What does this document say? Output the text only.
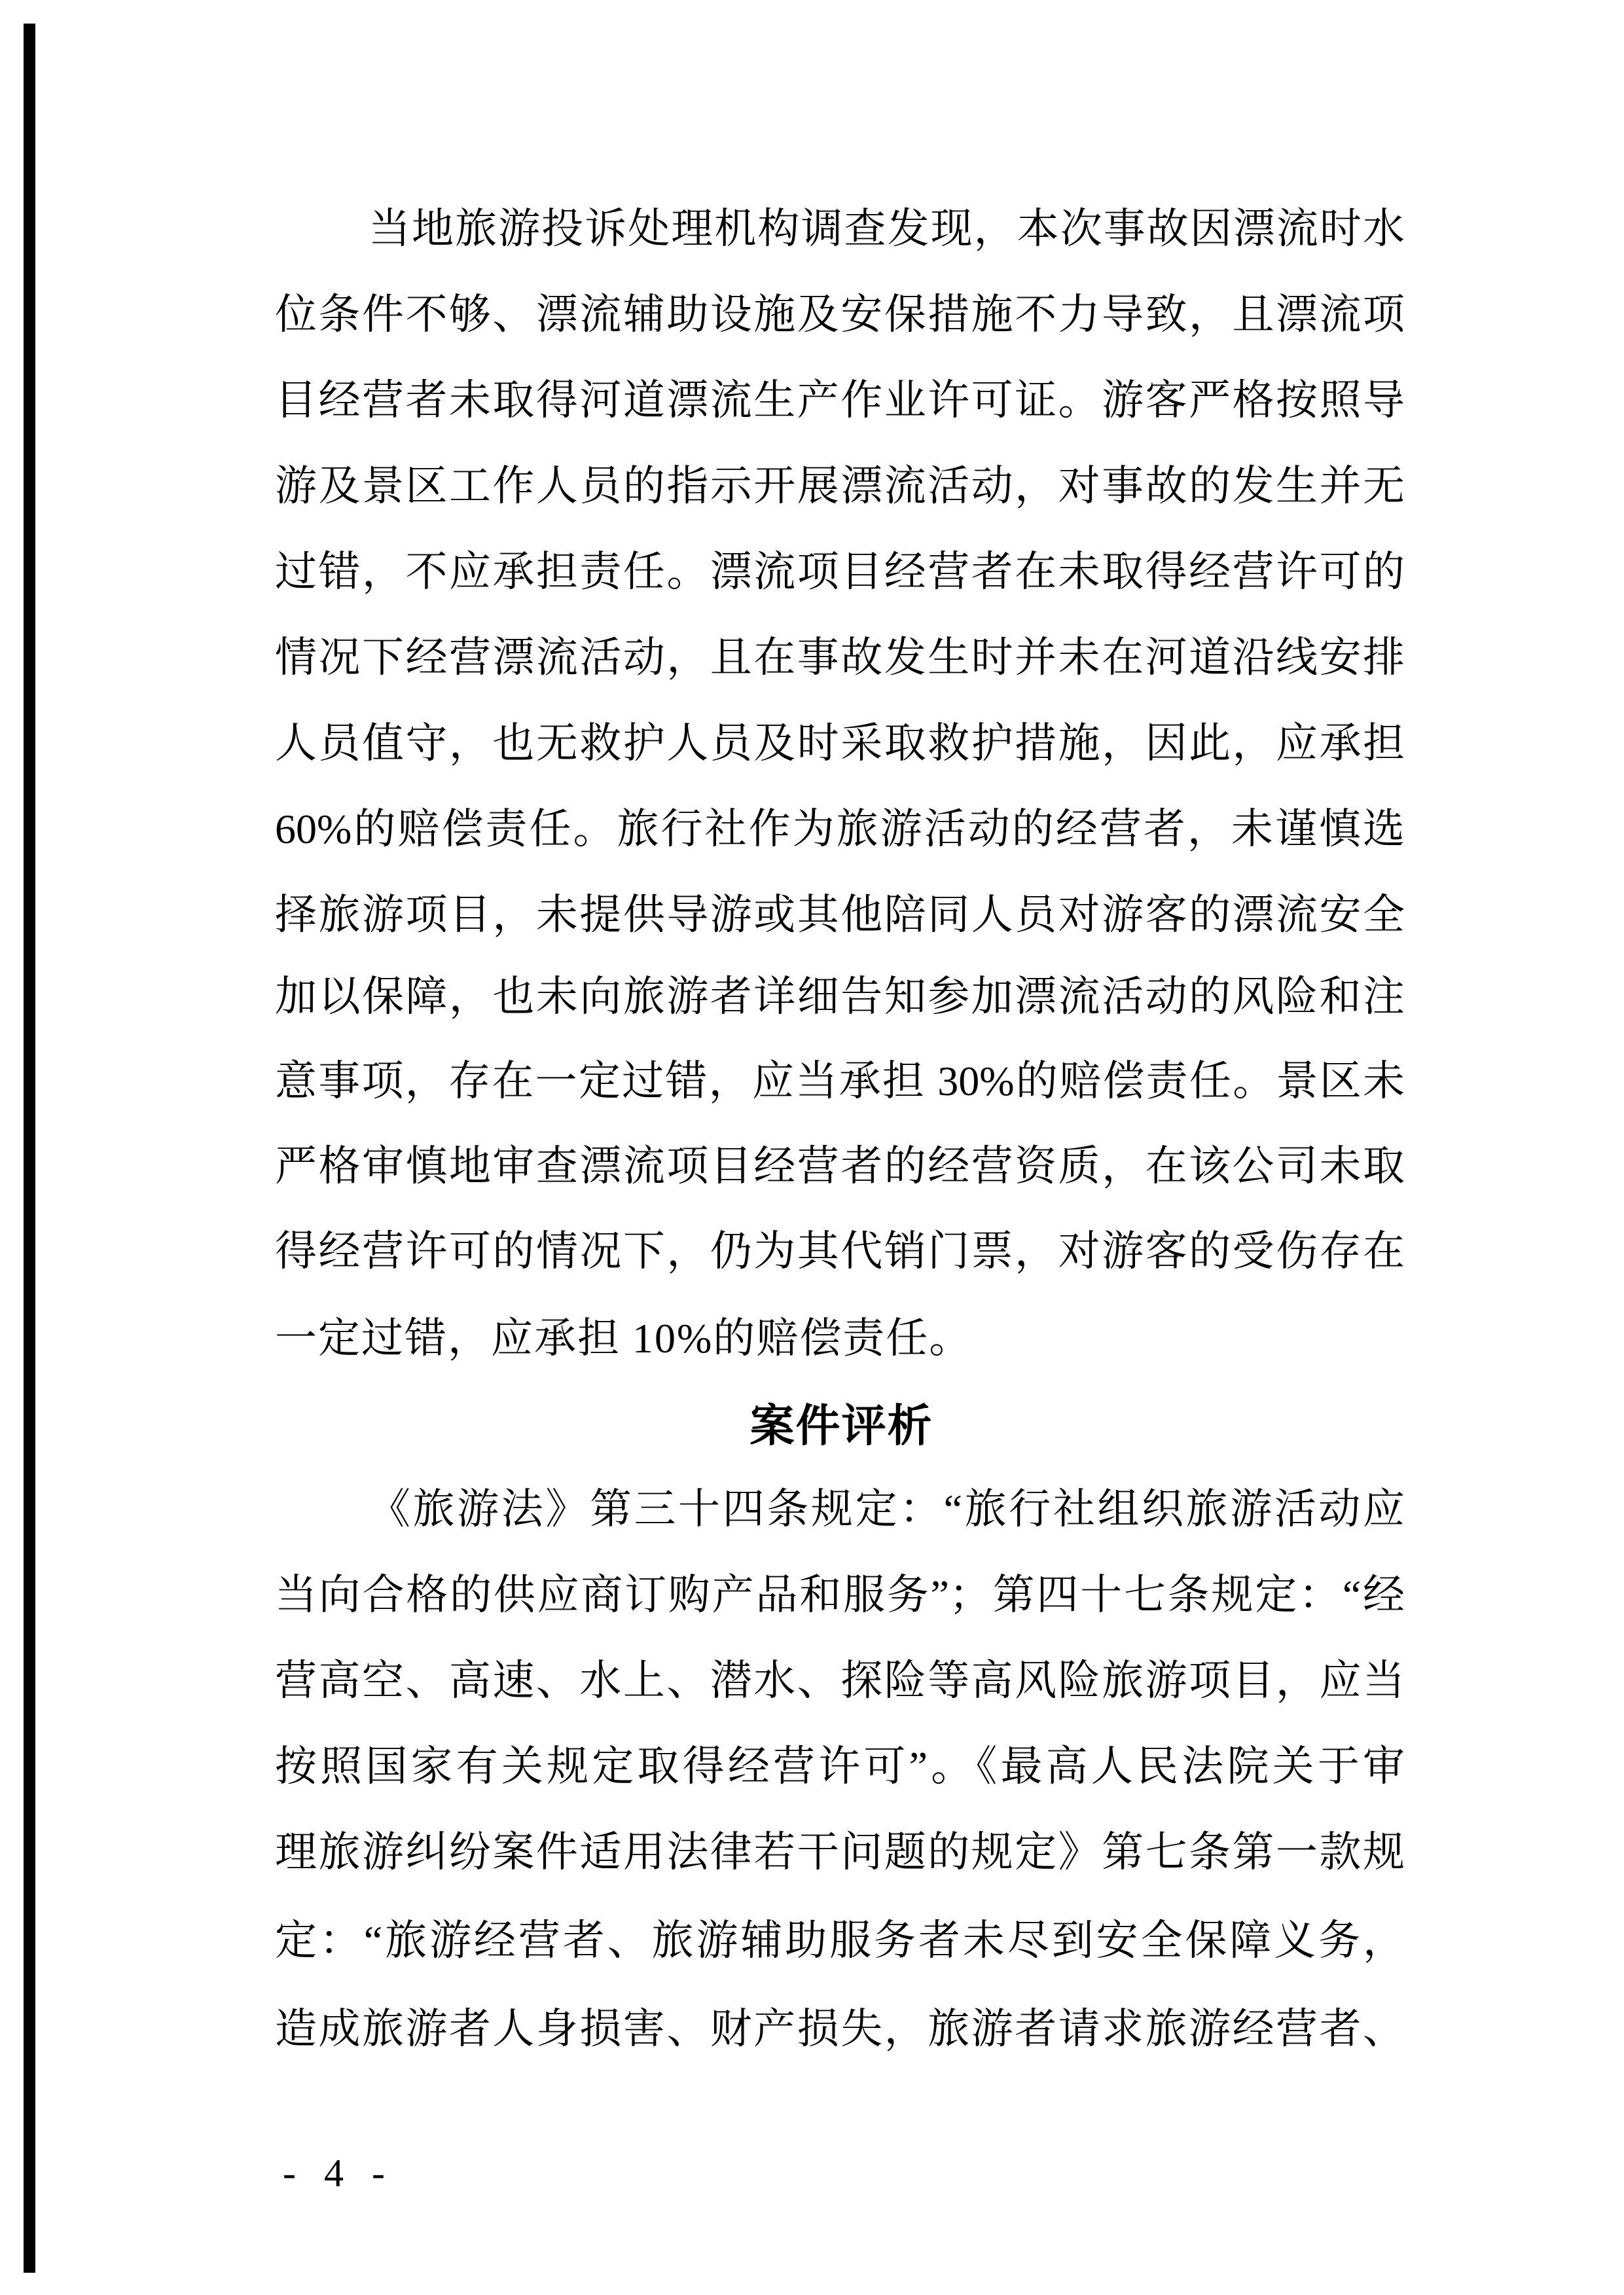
当地旅游投诉处理机构调查发现，本次事故因漂流时水
位条件不够、漂流辅助设施及安保措施不力导致，且漂流项
目经营者未取得河道漂流生产作业许可证。游客严格按照导
游及景区工作人员的指示开展漂流活动，对事故的发生并无
过错，不应承担责任。漂流项目经营者在未取得经营许可的
情况下经营漂流活动，且在事故发生时并未在河道沿线安排
人员值守，也无救护人员及时采取救护措施，因此，应承担
60%的赔偿责任。旅行社作为旅游活动的经营者，未谨慎选
择旅游项目，未提供导游或其他陪同人员对游客的漂流安全
加以保障，也未向旅游者详细告知参加漂流活动的风险和注
意事项，存在一定过错，应当承担 30%的赔偿责任。景区未
严格审慎地审查漂流项目经营者的经营资质，在该公司未取
得经营许可的情况下，仍为其代销门票，对游客的受伤存在
一定过错，应承担 10%的赔偿责任。
案件评析
《旅游法》第三十四条规定：“旅行社组织旅游活动应
当向合格的供应商订购产品和服务”；第四十七条规定：“经
营高空、高速、水上、潜水、探险等高风险旅游项目，应当
按照国家有关规定取得经营许可”。《最高人民法院关于审
理旅游纠纷案件适用法律若干问题的规定》第七条第一款规
定：“旅游经营者、旅游辅助服务者未尽到安全保障义务，
造成旅游者人身损害、财产损失，旅游者请求旅游经营者、
- 4 -
